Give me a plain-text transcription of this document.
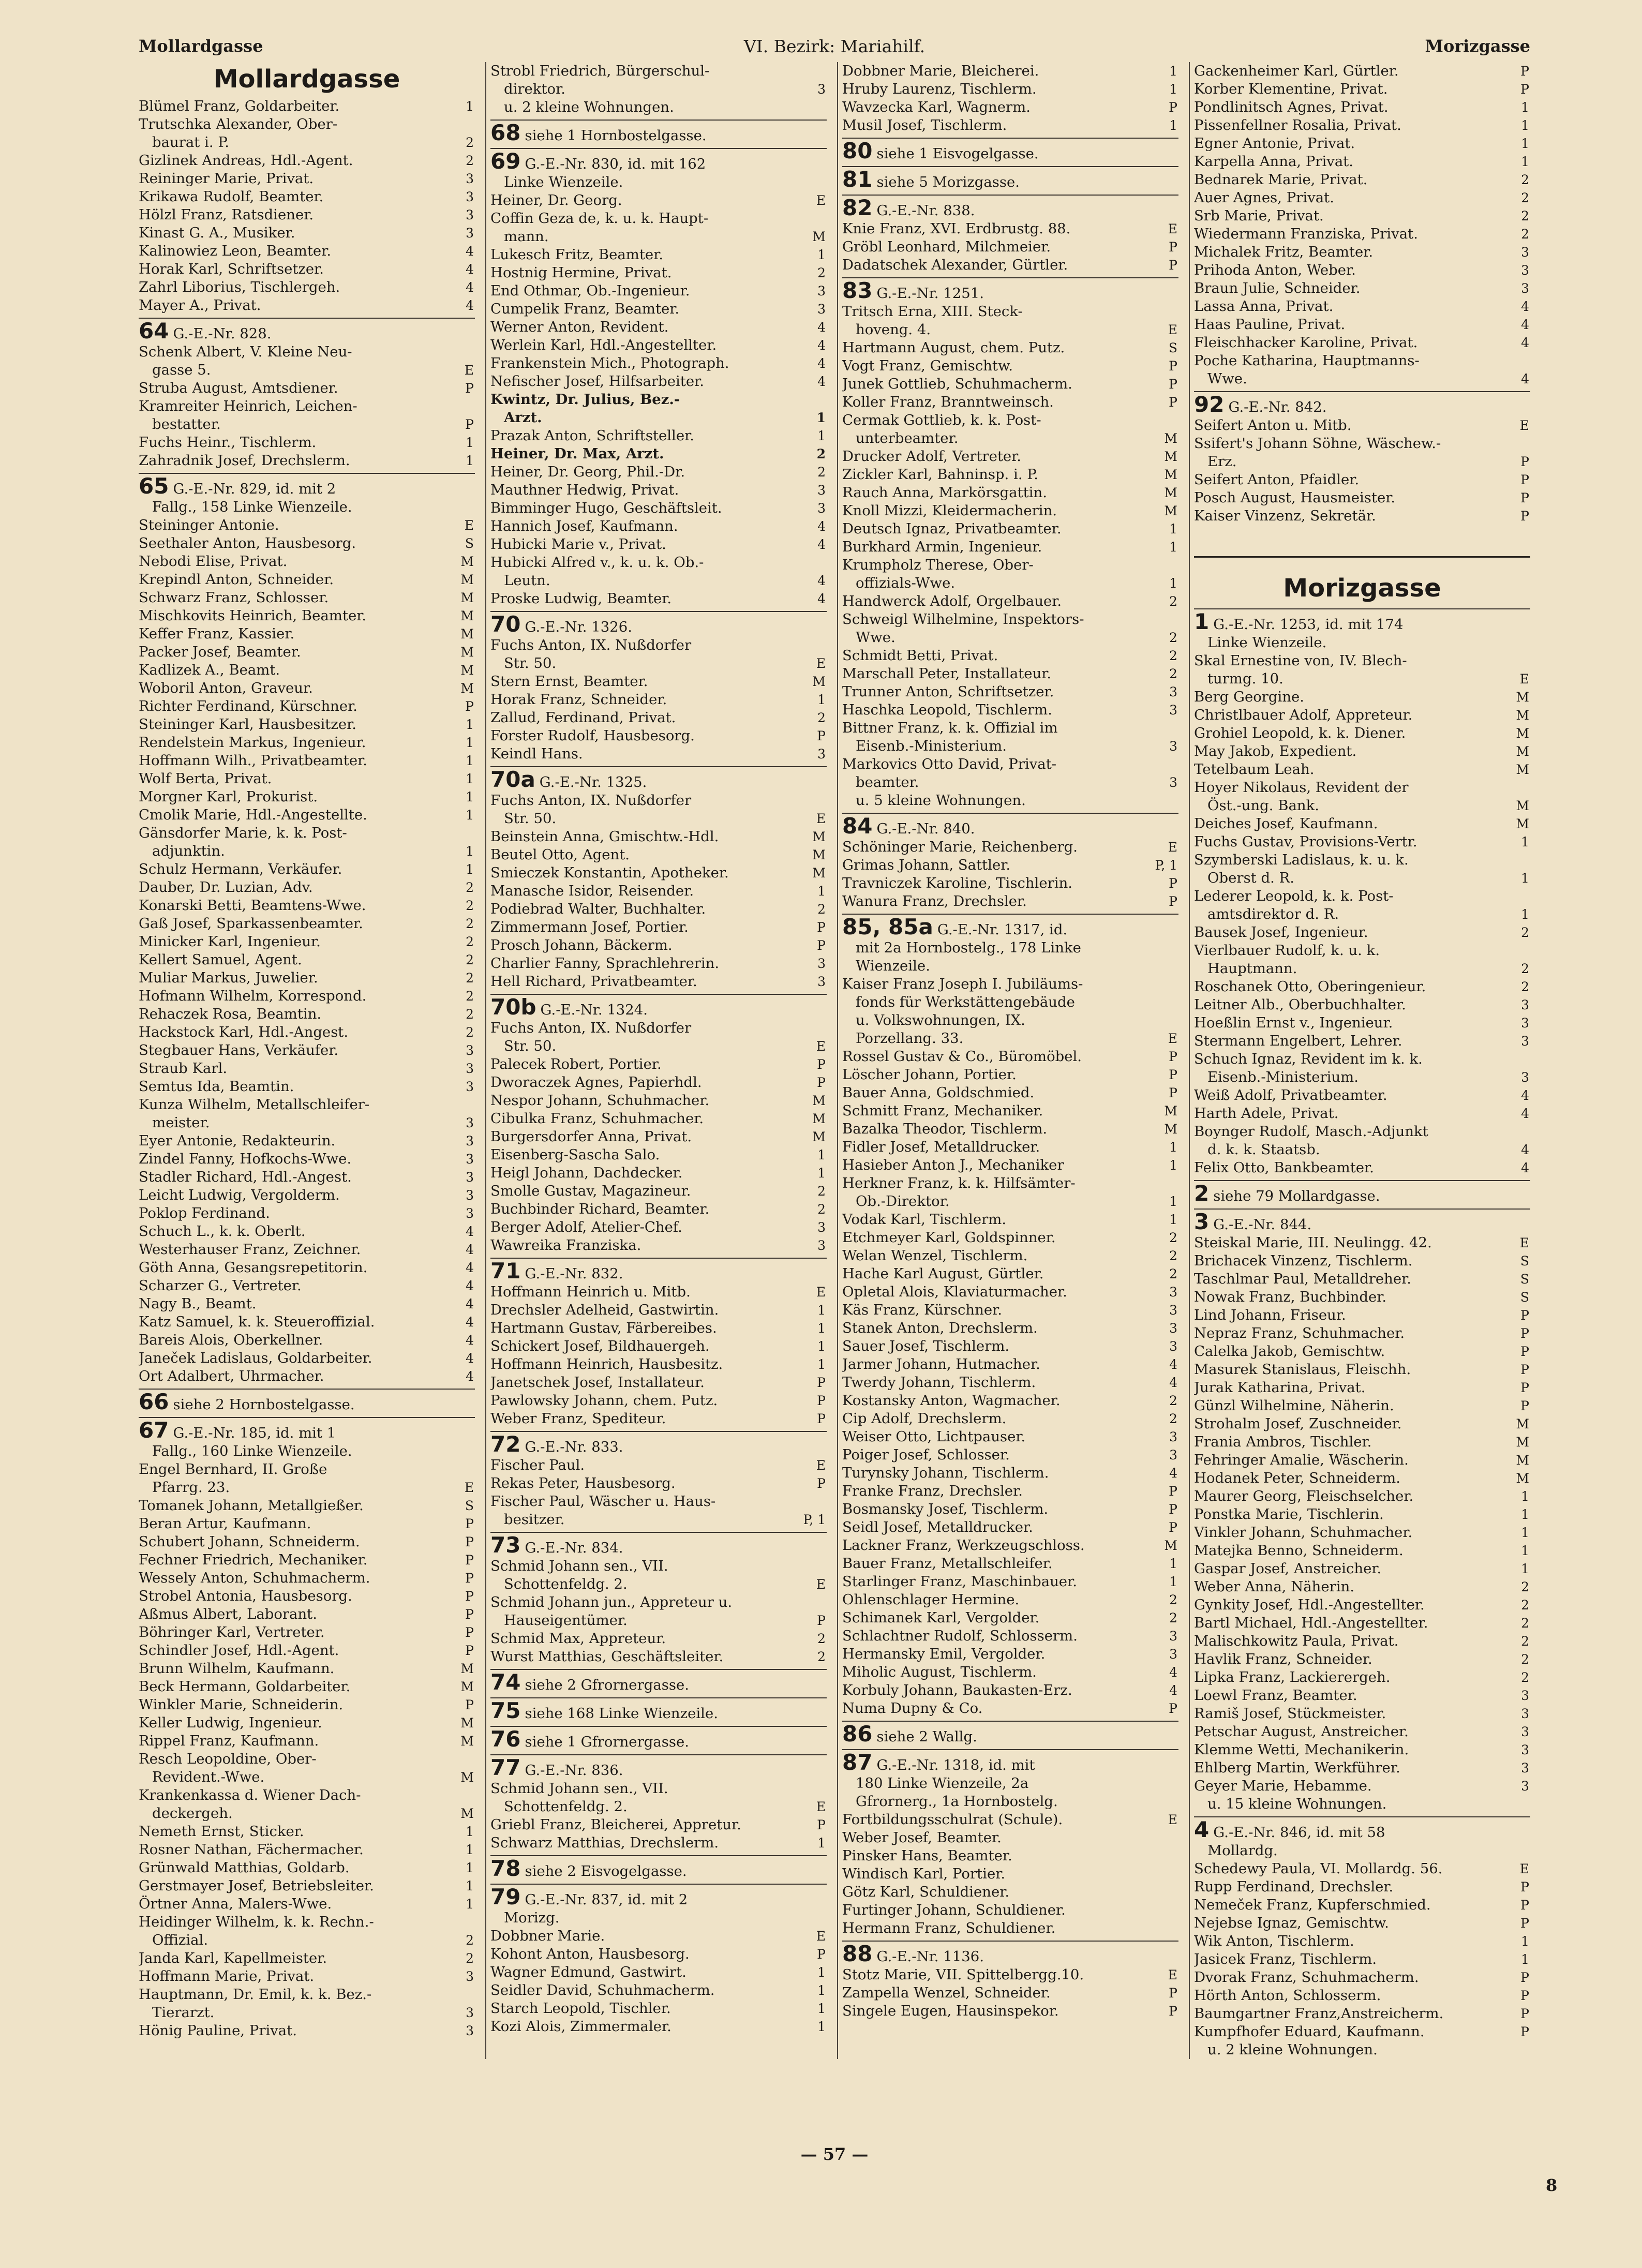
Mollardgasse	VI. Bezirk: Mariahilf.	Morizgasse
Mollardgasse
Blümel Franz, Goldarbeiter.	1
Trutschka Alexander, Ober-
baurat i. P.	2
Gizlinek Andreas, Hdl.-Agent.	2
Reininger Marie, Privat.	3
Krikawa Rudolf, Beamter.	3
Hölzl Franz, Ratsdiener.	3
Kinast G. A., Musiker.	3
Kalinowiez Leon, Beamter.	4
Horak Karl, Schriftsetzer.	4
Zahrl Liborius, Tischlergeh.	4
Mayer A., Privat.	4
64 G.-E.-Nr. 828.
Schenk Albert, V. Kleine Neu-
gasse 5.	E
Struba August, Amtsdiener.	P
Kramreiter Heinrich, Leichen-
bestatter.	P
Fuchs Heinr., Tischlerm.	1
Zahradnik Josef, Drechslerm.	1
65 G.-E.-Nr. 829, id. mit 2
Fallg., 158 Linke Wienzeile.
Steininger Antonie.	E
Seethaler Anton, Hausbesorg.	S
Nebodi Elise, Privat.	M
Krepindl Anton, Schneider.	M
Schwarz Franz, Schlosser.	M
Mischkovits Heinrich, Beamter.	M
Keffer Franz, Kassier.	M
Packer Josef, Beamter.	M
Kadlizek A., Beamt.	M
Woboril Anton, Graveur.	M
Richter Ferdinand, Kürschner.	P
Steininger Karl, Hausbesitzer.	1
Rendelstein Markus, Ingenieur.	1
Hoffmann Wilh., Privatbeamter.	1
Wolf Berta, Privat.	1
Morgner Karl, Prokurist.	1
Cmolik Marie, Hdl.-Angestellte.	1
Gänsdorfer Marie, k. k. Post-
adjunktin.	1
Schulz Hermann, Verkäufer.	1
Dauber, Dr. Luzian, Adv.	2
Konarski Betti, Beamtens-Wwe.	2
Gaß Josef, Sparkassenbeamter.	2
Minicker Karl, Ingenieur.	2
Kellert Samuel, Agent.	2
Muliar Markus, Juwelier.	2
Hofmann Wilhelm, Korrespond.	2
Rehaczek Rosa, Beamtin.	2
Hackstock Karl, Hdl.-Angest.	2
Stegbauer Hans, Verkäufer.	3
Straub Karl.	3
Semtus Ida, Beamtin.	3
Kunza Wilhelm, Metallschleifer-
meister.	3
Eyer Antonie, Redakteurin.	3
Zindel Fanny, Hofkochs-Wwe.	3
Stadler Richard, Hdl.-Angest.	3
Leicht Ludwig, Vergolderm.	3
Poklop Ferdinand.	3
Schuch L., k. k. Oberlt.	4
Westerhauser Franz, Zeichner.	4
Göth Anna, Gesangsrepetitorin.	4
Scharzer G., Vertreter.	4
Nagy B., Beamt.	4
Katz Samuel, k. k. Steueroffizial.	4
Bareis Alois, Oberkellner.	4
Janeček Ladislaus, Goldarbeiter.	4
Ort Adalbert, Uhrmacher.	4
66 siehe 2 Hornbostelgasse.
67 G.-E.-Nr. 185, id. mit 1
Fallg., 160 Linke Wienzeile.
Engel Bernhard, II. Große
Pfarrg. 23.	E
Tomanek Johann, Metallgießer.	S
Beran Artur, Kaufmann.	P
Schubert Johann, Schneiderm.	P
Fechner Friedrich, Mechaniker.	P
Wessely Anton, Schuhmacherm.	P
Strobel Antonia, Hausbesorg.	P
Aßmus Albert, Laborant.	P
Böhringer Karl, Vertreter.	P
Schindler Josef, Hdl.-Agent.	P
Brunn Wilhelm, Kaufmann.	M
Beck Hermann, Goldarbeiter.	M
Winkler Marie, Schneiderin.	P
Keller Ludwig, Ingenieur.	M
Rippel Franz, Kaufmann.	M
Resch Leopoldine, Ober-
Revident.-Wwe.	M
Krankenkassa d. Wiener Dach-
deckergeh.	M
Nemeth Ernst, Sticker.	1
Rosner Nathan, Fächermacher.	1
Grünwald Matthias, Goldarb.	1
Gerstmayer Josef, Betriebsleiter.	1
Örtner Anna, Malers-Wwe.	1
Heidinger Wilhelm, k. k. Rechn.-
Offizial.	2
Janda Karl, Kapellmeister.	2
Hoffmann Marie, Privat.	3
Hauptmann, Dr. Emil, k. k. Bez.-
Tierarzt.	3
Hönig Pauline, Privat.	3
Strobl Friedrich, Bürgerschul-
direktor.	3
u. 2 kleine Wohnungen.
68 siehe 1 Hornbostelgasse.
69 G.-E.-Nr. 830, id. mit 162
Linke Wienzeile.
Heiner, Dr. Georg.	E
Coffin Geza de, k. u. k. Haupt-
mann.	M
Lukesch Fritz, Beamter.	1
Hostnig Hermine, Privat.	2
End Othmar, Ob.-Ingenieur.	3
Cumpelik Franz, Beamter.	3
Werner Anton, Revident.	4
Werlein Karl, Hdl.-Angestellter.	4
Frankenstein Mich., Photograph.	4
Nefischer Josef, Hilfsarbeiter.	4
Kwintz, Dr. Julius, Bez.-
Arzt.	1
Prazak Anton, Schriftsteller.	1
Heiner, Dr. Max, Arzt.	2
Heiner, Dr. Georg, Phil.-Dr.	2
Mauthner Hedwig, Privat.	3
Bimminger Hugo, Geschäftsleit.	3
Hannich Josef, Kaufmann.	4
Hubicki Marie v., Privat.	4
Hubicki Alfred v., k. u. k. Ob.-
Leutn.	4
Proske Ludwig, Beamter.	4
70 G.-E.-Nr. 1326.
Fuchs Anton, IX. Nußdorfer
Str. 50.	E
Stern Ernst, Beamter.	M
Horak Franz, Schneider.	1
Zallud, Ferdinand, Privat.	2
Forster Rudolf, Hausbesorg.	P
Keindl Hans.	3
70a G.-E.-Nr. 1325.
Fuchs Anton, IX. Nußdorfer
Str. 50.	E
Beinstein Anna, Gmischtw.-Hdl.	M
Beutel Otto, Agent.	M
Smieczek Konstantin, Apotheker.	M
Manasche Isidor, Reisender.	1
Podiebrad Walter, Buchhalter.	2
Zimmermann Josef, Portier.	P
Prosch Johann, Bäckerm.	P
Charlier Fanny, Sprachlehrerin.	3
Hell Richard, Privatbeamter.	3
70b G.-E.-Nr. 1324.
Fuchs Anton, IX. Nußdorfer
Str. 50.	E
Palecek Robert, Portier.	P
Dworaczek Agnes, Papierhdl.	P
Nespor Johann, Schuhmacher.	M
Cibulka Franz, Schuhmacher.	M
Burgersdorfer Anna, Privat.	M
Eisenberg-Sascha Salo.	1
Heigl Johann, Dachdecker.	1
Smolle Gustav, Magazineur.	2
Buchbinder Richard, Beamter.	2
Berger Adolf, Atelier-Chef.	3
Wawreika Franziska.	3
71 G.-E.-Nr. 832.
Hoffmann Heinrich u. Mitb.	E
Drechsler Adelheid, Gastwirtin.	1
Hartmann Gustav, Färbereibes.	1
Schickert Josef, Bildhauergeh.	1
Hoffmann Heinrich, Hausbesitz.	1
Janetschek Josef, Installateur.	P
Pawlowsky Johann, chem. Putz.	P
Weber Franz, Spediteur.	P
72 G.-E.-Nr. 833.
Fischer Paul.	E
Rekas Peter, Hausbesorg.	P
Fischer Paul, Wäscher u. Haus-
besitzer.	P, 1
73 G.-E.-Nr. 834.
Schmid Johann sen., VII.
Schottenfeldg. 2.	E
Schmid Johann jun., Appreteur u.
Hauseigentümer.	P
Schmid Max, Appreteur.	2
Wurst Matthias, Geschäftsleiter.	2
74 siehe 2 Gfrornergasse.
75 siehe 168 Linke Wienzeile.
76 siehe 1 Gfrornergasse.
77 G.-E.-Nr. 836.
Schmid Johann sen., VII.
Schottenfeldg. 2.	E
Griebl Franz, Bleicherei, Appretur.	P
Schwarz Matthias, Drechslerm.	1
78 siehe 2 Eisvogelgasse.
79 G.-E.-Nr. 837, id. mit 2
Morizg.
Dobbner Marie.	E
Kohont Anton, Hausbesorg.	P
Wagner Edmund, Gastwirt.	1
Seidler David, Schuhmacherm.	1
Starch Leopold, Tischler.	1
Kozi Alois, Zimmermaler.	1
Dobbner Marie, Bleicherei.	1
Hruby Laurenz, Tischlerm.	1
Wavzecka Karl, Wagnerm.	P
Musil Josef, Tischlerm.	1
80 siehe 1 Eisvogelgasse.
81 siehe 5 Morizgasse.
82 G.-E.-Nr. 838.
Knie Franz, XVI. Erdbrustg. 88.	E
Gröbl Leonhard, Milchmeier.	P
Dadatschek Alexander, Gürtler.	P
83 G.-E.-Nr. 1251.
Tritsch Erna, XIII. Steck-
hoveng. 4.	E
Hartmann August, chem. Putz.	S
Vogt Franz, Gemischtw.	P
Junek Gottlieb, Schuhmacherm.	P
Koller Franz, Branntweinsch.	P
Cermak Gottlieb, k. k. Post-
unterbeamter.	M
Drucker Adolf, Vertreter.	M
Zickler Karl, Bahninsp. i. P.	M
Rauch Anna, Markörsgattin.	M
Knoll Mizzi, Kleidermacherin.	M
Deutsch Ignaz, Privatbeamter.	1
Burkhard Armin, Ingenieur.	1
Krumpholz Therese, Ober-
offizials-Wwe.	1
Handwerck Adolf, Orgelbauer.	2
Schweigl Wilhelmine, Inspektors-
Wwe.	2
Schmidt Betti, Privat.	2
Marschall Peter, Installateur.	2
Trunner Anton, Schriftsetzer.	3
Haschka Leopold, Tischlerm.	3
Bittner Franz, k. k. Offizial im
Eisenb.-Ministerium.	3
Markovics Otto David, Privat-
beamter.	3
u. 5 kleine Wohnungen.
84 G.-E.-Nr. 840.
Schöninger Marie, Reichenberg.	E
Grimas Johann, Sattler.	P, 1
Travniczek Karoline, Tischlerin.	P
Wanura Franz, Drechsler.	P
85, 85a G.-E.-Nr. 1317, id.
mit 2a Hornbostelg., 178 Linke
Wienzeile.
Kaiser Franz Joseph I. Jubiläums-
fonds für Werkstättengebäude
u. Volkswohnungen, IX.
Porzellang. 33.	E
Rossel Gustav & Co., Büromöbel.	P
Löscher Johann, Portier.	P
Bauer Anna, Goldschmied.	P
Schmitt Franz, Mechaniker.	M
Bazalka Theodor, Tischlerm.	M
Fidler Josef, Metalldrucker.	1
Hasieber Anton J., Mechaniker	1
Herkner Franz, k. k. Hilfsämter-
Ob.-Direktor.	1
Vodak Karl, Tischlerm.	1
Etchmeyer Karl, Goldspinner.	2
Welan Wenzel, Tischlerm.	2
Hache Karl August, Gürtler.	2
Opletal Alois, Klaviaturmacher.	3
Käs Franz, Kürschner.	3
Stanek Anton, Drechslerm.	3
Sauer Josef, Tischlerm.	3
Jarmer Johann, Hutmacher.	4
Twerdy Johann, Tischlerm.	4
Kostansky Anton, Wagmacher.	2
Cip Adolf, Drechslerm.	2
Weiser Otto, Lichtpauser.	3
Poiger Josef, Schlosser.	3
Turynsky Johann, Tischlerm.	4
Franke Franz, Drechsler.	P
Bosmansky Josef, Tischlerm.	P
Seidl Josef, Metalldrucker.	P
Lackner Franz, Werkzeugschloss.	M
Bauer Franz, Metallschleifer.	1
Starlinger Franz, Maschinbauer.	1
Ohlenschlager Hermine.	2
Schimanek Karl, Vergolder.	2
Schlachtner Rudolf, Schlosserm.	3
Hermansky Emil, Vergolder.	3
Miholic August, Tischlerm.	4
Korbuly Johann, Baukasten-Erz.	4
Numa Dupny & Co.	P
86 siehe 2 Wallg.
87 G.-E.-Nr. 1318, id. mit
180 Linke Wienzeile, 2a
Gfrornerg., 1a Hornbostelg.
Fortbildungsschulrat (Schule).	E
Weber Josef, Beamter.
Pinsker Hans, Beamter.
Windisch Karl, Portier.
Götz Karl, Schuldiener.
Furtinger Johann, Schuldiener.
Hermann Franz, Schuldiener.
88 G.-E.-Nr. 1136.
Stotz Marie, VII. Spittelbergg.10.	E
Zampella Wenzel, Schneider.	P
Singele Eugen, Hausinspekor.	P
Gackenheimer Karl, Gürtler.	P
Korber Klementine, Privat.	P
Pondlinitsch Agnes, Privat.	1
Pissenfellner Rosalia, Privat.	1
Egner Antonie, Privat.	1
Karpella Anna, Privat.	1
Bednarek Marie, Privat.	2
Auer Agnes, Privat.	2
Srb Marie, Privat.	2
Wiedermann Franziska, Privat.	2
Michalek Fritz, Beamter.	3
Prihoda Anton, Weber.	3
Braun Julie, Schneider.	3
Lassa Anna, Privat.	4
Haas Pauline, Privat.	4
Fleischhacker Karoline, Privat.	4
Poche Katharina, Hauptmanns-
Wwe.	4
92 G.-E.-Nr. 842.
Seifert Anton u. Mitb.	E
Ssifert's Johann Söhne, Wäschew.-
Erz.	P
Seifert Anton, Pfaidler.	P
Posch August, Hausmeister.	P
Kaiser Vinzenz, Sekretär.	P
Morizgasse
1 G.-E.-Nr. 1253, id. mit 174
Linke Wienzeile.
Skal Ernestine von, IV. Blech-
turmg. 10.	E
Berg Georgine.	M
Christlbauer Adolf, Appreteur.	M
Grohiel Leopold, k. k. Diener.	M
May Jakob, Expedient.	M
Tetelbaum Leah.	M
Hoyer Nikolaus, Revident der
Öst.-ung. Bank.	M
Deiches Josef, Kaufmann.	M
Fuchs Gustav, Provisions-Vertr.	1
Szymberski Ladislaus, k. u. k.
Oberst d. R.	1
Lederer Leopold, k. k. Post-
amtsdirektor d. R.	1
Bausek Josef, Ingenieur.	2
Vierlbauer Rudolf, k. u. k.
Hauptmann.	2
Roschanek Otto, Oberingenieur.	2
Leitner Alb., Oberbuchhalter.	3
Hoeßlin Ernst v., Ingenieur.	3
Stermann Engelbert, Lehrer.	3
Schuch Ignaz, Revident im k. k.
Eisenb.-Ministerium.	3
Weiß Adolf, Privatbeamter.	4
Harth Adele, Privat.	4
Boynger Rudolf, Masch.-Adjunkt
d. k. k. Staatsb.	4
Felix Otto, Bankbeamter.	4
2 siehe 79 Mollardgasse.
3 G.-E.-Nr. 844.
Steiskal Marie, III. Neulingg. 42.	E
Brichacek Vinzenz, Tischlerm.	S
Taschlmar Paul, Metalldreher.	S
Nowak Franz, Buchbinder.	S
Lind Johann, Friseur.	P
Nepraz Franz, Schuhmacher.	P
Calelka Jakob, Gemischtw.	P
Masurek Stanislaus, Fleischh.	P
Jurak Katharina, Privat.	P
Günzl Wilhelmine, Näherin.	P
Strohalm Josef, Zuschneider.	M
Frania Ambros, Tischler.	M
Fehringer Amalie, Wäscherin.	M
Hodanek Peter, Schneiderm.	M
Maurer Georg, Fleischselcher.	1
Ponstka Marie, Tischlerin.	1
Vinkler Johann, Schuhmacher.	1
Matejka Benno, Schneiderm.	1
Gaspar Josef, Anstreicher.	1
Weber Anna, Näherin.	2
Gynkity Josef, Hdl.-Angestellter.	2
Bartl Michael, Hdl.-Angestellter.	2
Malischkowitz Paula, Privat.	2
Havlik Franz, Schneider.	2
Lipka Franz, Lackierergeh.	2
Loewl Franz, Beamter.	3
Ramiš Josef, Stückmeister.	3
Petschar August, Anstreicher.	3
Klemme Wetti, Mechanikerin.	3
Ehlberg Martin, Werkführer.	3
Geyer Marie, Hebamme.	3
u. 15 kleine Wohnungen.
4 G.-E.-Nr. 846, id. mit 58
Mollardg.
Schedewy Paula, VI. Mollardg. 56.	E
Rupp Ferdinand, Drechsler.	P
Nemeček Franz, Kupferschmied.	P
Nejebse Ignaz, Gemischtw.	P
Wik Anton, Tischlerm.	1
Jasicek Franz, Tischlerm.	1
Dvorak Franz, Schuhmacherm.	P
Hörth Anton, Schlosserm.	P
Baumgartner Franz,Anstreicherm.	P
Kumpfhofer Eduard, Kaufmann.	P
u. 2 kleine Wohnungen.
— 57 —
8
